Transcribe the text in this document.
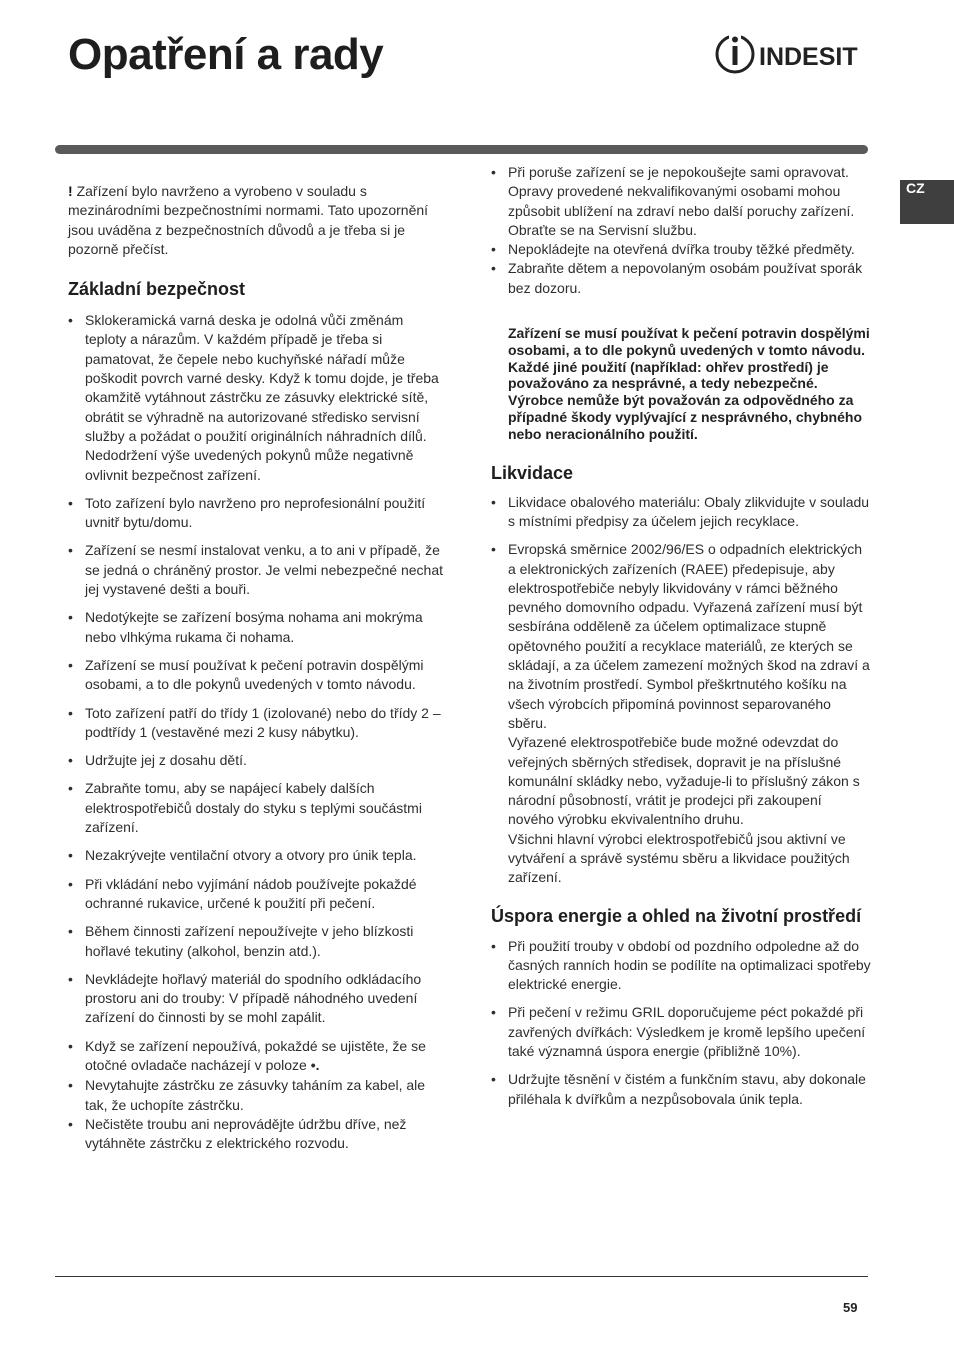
Opatření a rady	INDESIT
CZ

! Zařízení bylo navrženo a vyrobeno v souladu s mezinárodními bezpečnostními normami. Tato upozornění jsou uváděna z bezpečnostních důvodů a je třeba si je pozorně přečíst.

Základní bezpečnost
• Sklokeramická varná deska je odolná vůči změnám teploty a nárazům. V každém případě je třeba si pamatovat, že čepele nebo kuchyňské nářadí může poškodit povrch varné desky. Když k tomu dojde, je třeba okamžitě vytáhnout zástrčku ze zásuvky elektrické sítě, obrátit se výhradně na autorizované středisko servisní služby a požádat o použití originálních náhradních dílů. Nedodržení výše uvedených pokynů může negativně ovlivnit bezpečnost zařízení.
• Toto zařízení bylo navrženo pro neprofesionální použití uvnitř bytu/domu.
• Zařízení se nesmí instalovat venku, a to ani v případě, že se jedná o chráněný prostor. Je velmi nebezpečné nechat jej vystavené dešti a bouři.
• Nedotýkejte se zařízení bosýma nohama ani mokrýma nebo vlhkýma rukama či nohama.
• Zařízení se musí používat k pečení potravin dospělými osobami, a to dle pokynů uvedených v tomto návodu.
• Toto zařízení patří do třídy 1 (izolované) nebo do třídy 2 – podtřídy 1 (vestavěné mezi 2 kusy nábytku).
• Udržujte jej z dosahu dětí.
• Zabraňte tomu, aby se napájecí kabely dalších elektrospotřebičů dostaly do styku s teplými součástmi zařízení.
• Nezakrývejte ventilační otvory a otvory pro únik tepla.
• Při vkládání nebo vyjímání nádob používejte pokaždé ochranné rukavice, určené k použití při pečení.
• Během činnosti zařízení nepoužívejte v jeho blízkosti hořlavé tekutiny (alkohol, benzin atd.).
• Nevkládejte hořlavý materiál do spodního odkládacího prostoru ani do trouby: V případě náhodného uvedení zařízení do činnosti by se mohl zapálit.
• Když se zařízení nepoužívá, pokaždé se ujistěte, že se otočné ovladače nacházejí v poloze •.
• Nevytahujte zástrčku ze zásuvky taháním za kabel, ale tak, že uchopíte zástrčku.
• Nečistěte troubu ani neprovádějte údržbu dříve, než vytáhněte zástrčku z elektrického rozvodu.
• Při poruše zařízení se je nepokoušejte sami opravovat. Opravy provedené nekvalifikovanými osobami mohou způsobit ublížení na zdraví nebo další poruchy zařízení. Obraťte se na Servisní službu.
• Nepokládejte na otevřená dvířka trouby těžké předměty.
• Zabraňte dětem a nepovolaným osobám používat sporák bez dozoru.

Zařízení se musí používat k pečení potravin dospělými osobami, a to dle pokynů uvedených v tomto návodu. Každé jiné použití (například: ohřev prostředí) je považováno za nesprávné, a tedy nebezpečné. Výrobce nemůže být považován za odpovědného za případné škody vyplývající z nesprávného, chybného nebo neracionálního použití.

Likvidace
• Likvidace obalového materiálu: Obaly zlikvidujte v souladu s místními předpisy za účelem jejich recyklace.
• Evropská směrnice 2002/96/ES o odpadních elektrických a elektronických zařízeních (RAEE) předepisuje, aby elektrospotřebiče nebyly likvidovány v rámci běžného pevného domovního odpadu. Vyřazená zařízení musí být sesbírána odděleně za účelem optimalizace stupně opětovného použití a recyklace materiálů, ze kterých se skládají, a za účelem zamezení možných škod na zdraví a na životním prostředí. Symbol přeškrtnutého košíku na všech výrobcích připomíná povinnost separovaného sběru.
Vyřazené elektrospotřebiče bude možné odevzdat do veřejných sběrných středisek, dopravit je na příslušné komunální skládky nebo, vyžaduje-li to příslušný zákon s národní působností, vrátit je prodejci při zakoupení nového výrobku ekvivalentního druhu.
Všichni hlavní výrobci elektrospotřebičů jsou aktivní ve vytváření a správě systému sběru a likvidace použitých zařízení.
Úspora energie a ohled na životní prostředí
• Při použití trouby v období od pozdního odpoledne až do časných ranních hodin se podílíte na optimalizaci spotřeby elektrické energie.
• Při pečení v režimu GRIL doporučujeme péct pokaždé při zavřených dvířkách: Výsledkem je kromě lepšího upečení také významná úspora energie (přibližně 10%).
• Udržujte těsnění v čistém a funkčním stavu, aby dokonale přiléhala k dvířkům a nezpůsobovala únik tepla.
59
